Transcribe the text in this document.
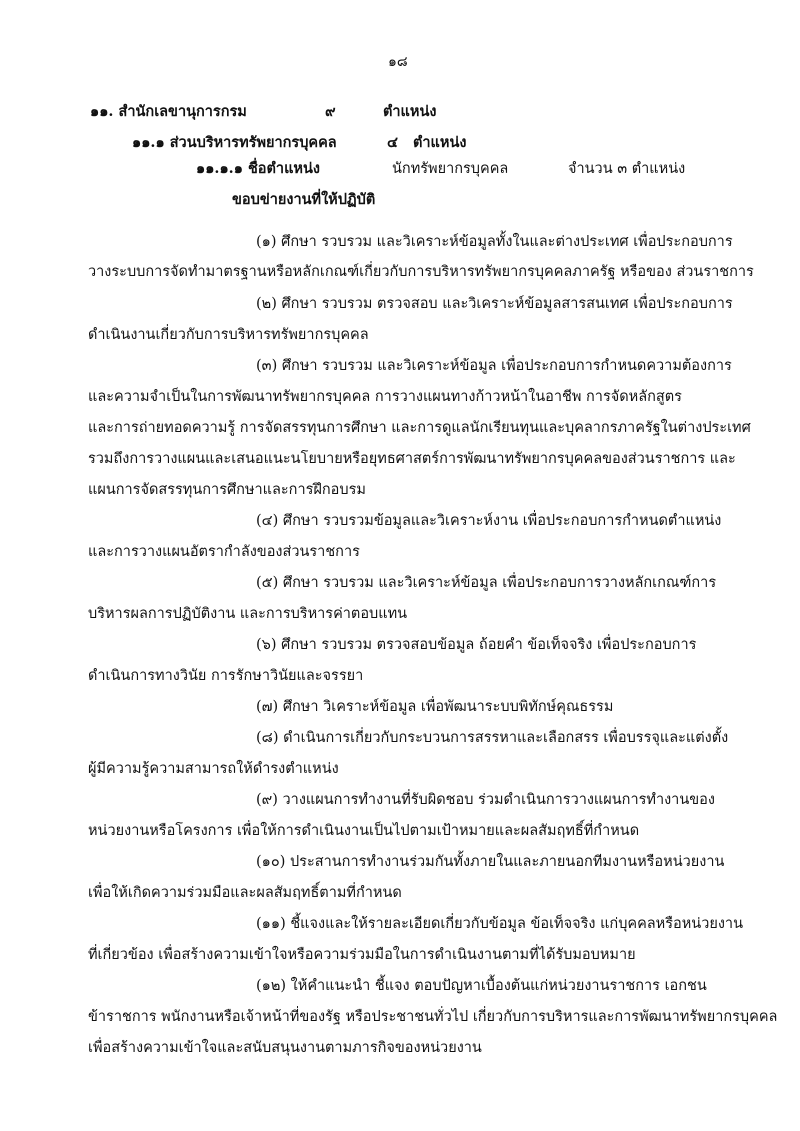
๑๘
๑๑. สำนักเลขานุการกรม	๙	ตำแหน่ง
๑๑.๑ ส่วนบริหารทรัพยากรบุคคล	๔ ตำแหน่ง
๑๑.๑.๑ ชื่อตำแหน่ง	นักทรัพยากรบุคคล	จำนวน ๓ ตำแหน่ง
ขอบข่ายงานที่ให้ปฏิบัติ
(๑) ศึกษา รวบรวม และวิเคราะห์ข้อมูลทั้งในและต่างประเทศ เพื่อประกอบการ
วางระบบการจัดทำมาตรฐานหรือหลักเกณฑ์เกี่ยวกับการบริหารทรัพยากรบุคคลภาครัฐ หรือของ ส่วนราชการ
(๒) ศึกษา รวบรวม ตรวจสอบ และวิเคราะห์ข้อมูลสารสนเทศ เพื่อประกอบการ
ดำเนินงานเกี่ยวกับการบริหารทรัพยากรบุคคล
(๓) ศึกษา รวบรวม และวิเคราะห์ข้อมูล เพื่อประกอบการกำหนดความต้องการ
และความจำเป็นในการพัฒนาทรัพยากรบุคคล การวางแผนทางก้าวหน้าในอาชีพ การจัดหลักสูตร
และการถ่ายทอดความรู้ การจัดสรรทุนการศึกษา และการดูแลนักเรียนทุนและบุคลากรภาครัฐในต่างประเทศ
รวมถึงการวางแผนและเสนอแนะนโยบายหรือยุทธศาสตร์การพัฒนาทรัพยากรบุคคลของส่วนราชการ และ
แผนการจัดสรรทุนการศึกษาและการฝึกอบรม
(๔) ศึกษา รวบรวมข้อมูลและวิเคราะห์งาน เพื่อประกอบการกำหนดตำแหน่ง
และการวางแผนอัตรากำลังของส่วนราชการ
(๕) ศึกษา รวบรวม และวิเคราะห์ข้อมูล เพื่อประกอบการวางหลักเกณฑ์การ
บริหารผลการปฏิบัติงาน และการบริหารค่าตอบแทน
(๖) ศึกษา รวบรวม ตรวจสอบข้อมูล ถ้อยคำ ข้อเท็จจริง เพื่อประกอบการ
ดำเนินการทางวินัย การรักษาวินัยและจรรยา
(๗) ศึกษา วิเคราะห์ข้อมูล เพื่อพัฒนาระบบพิทักษ์คุณธรรม
(๘) ดำเนินการเกี่ยวกับกระบวนการสรรหาและเลือกสรร เพื่อบรรจุและแต่งตั้ง
ผู้มีความรู้ความสามารถให้ดำรงตำแหน่ง
(๙) วางแผนการทำงานที่รับผิดชอบ ร่วมดำเนินการวางแผนการทำงานของ
หน่วยงานหรือโครงการ เพื่อให้การดำเนินงานเป็นไปตามเป้าหมายและผลสัมฤทธิ์ที่กำหนด
(๑๐) ประสานการทำงานร่วมกันทั้งภายในและภายนอกทีมงานหรือหน่วยงาน
เพื่อให้เกิดความร่วมมือและผลสัมฤทธิ์ตามที่กำหนด
(๑๑) ชี้แจงและให้รายละเอียดเกี่ยวกับข้อมูล ข้อเท็จจริง แก่บุคคลหรือหน่วยงาน
ที่เกี่ยวข้อง เพื่อสร้างความเข้าใจหรือความร่วมมือในการดำเนินงานตามที่ได้รับมอบหมาย
(๑๒) ให้คำแนะนำ ชี้แจง ตอบปัญหาเบื้องต้นแก่หน่วยงานราชการ เอกชน
ข้าราชการ พนักงานหรือเจ้าหน้าที่ของรัฐ หรือประชาชนทั่วไป เกี่ยวกับการบริหารและการพัฒนาทรัพยากรบุคคล
เพื่อสร้างความเข้าใจและสนับสนุนงานตามภารกิจของหน่วยงาน
